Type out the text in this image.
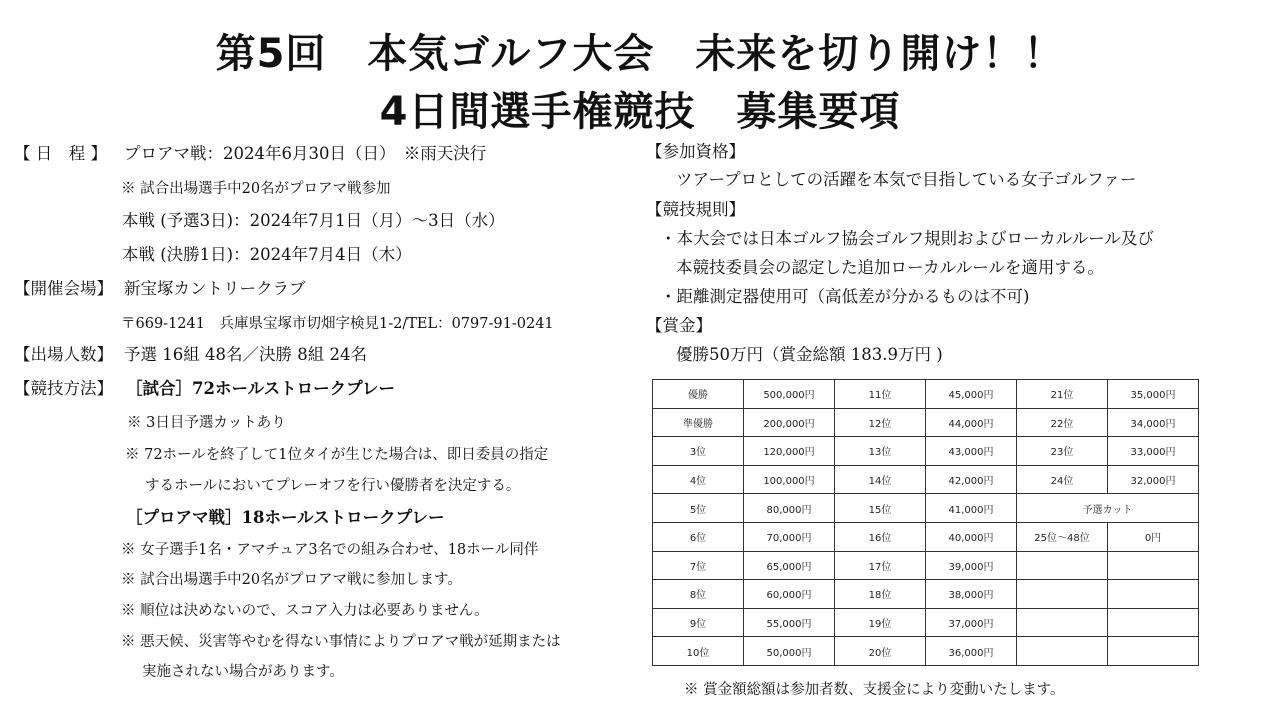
第5回　本気ゴルフ大会　未来を切り開け！！
4日間選手権競技　募集要項
【 日　程 】 プロアマ戦：2024年6月30日（日）　※雨天決行
※ 試合出場選手中20名がプロアマ戦参加
本戦 (予選3日)：2024年7月1日（月）～3日（水）
本戦 (決勝1日)：2024年7月4日（木）
【開催会場】 新宝塚カントリークラブ
〒669-1241　兵庫県宝塚市切畑字検見1-2/TEL：0797-91-0241
【出場人数】 予選 16組 48名／決勝 8組 24名
【競技方法】 ［試合］72ホールストロークプレー
※ 3日目予選カットあり
※ 72ホールを終了して1位タイが生じた場合は、即日委員の指定
するホールにおいてプレーオフを行い優勝者を決定する。
［プロアマ戦］18ホールストロークプレー
※ 女子選手1名・アマチュア3名での組み合わせ、18ホール同伴
※ 試合出場選手中20名がプロアマ戦に参加します。
※ 順位は決めないので、スコア入力は必要ありません。
※ 悪天候、災害等やむを得ない事情によりプロアマ戦が延期または
実施されない場合があります。
【参加資格】
ツアープロとしての活躍を本気で目指している女子ゴルファー
【競技規則】
・本大会では日本ゴルフ協会ゴルフ規則およびローカルルール及び
本競技委員会の認定した追加ローカルルールを適用する。
・距離測定器使用可（高低差が分かるものは不可)
【賞金】
優勝50万円（賞金総額 183.9万円 )
優勝	500,000円	11位	45,000円	21位	35,000円
準優勝	200,000円	12位	44,000円	22位	34,000円
3位	120,000円	13位	43,000円	23位	33,000円
4位	100,000円	14位	42,000円	24位	32,000円
5位	80,000円	15位	41,000円	予選カット	
6位	70,000円	16位	40,000円	25位～48位	0円
7位	65,000円	17位	39,000円		
8位	60,000円	18位	38,000円		
9位	55,000円	19位	37,000円		
10位	50,000円	20位	36,000円		
※ 賞金額総額は参加者数、支援金により変動いたします。
